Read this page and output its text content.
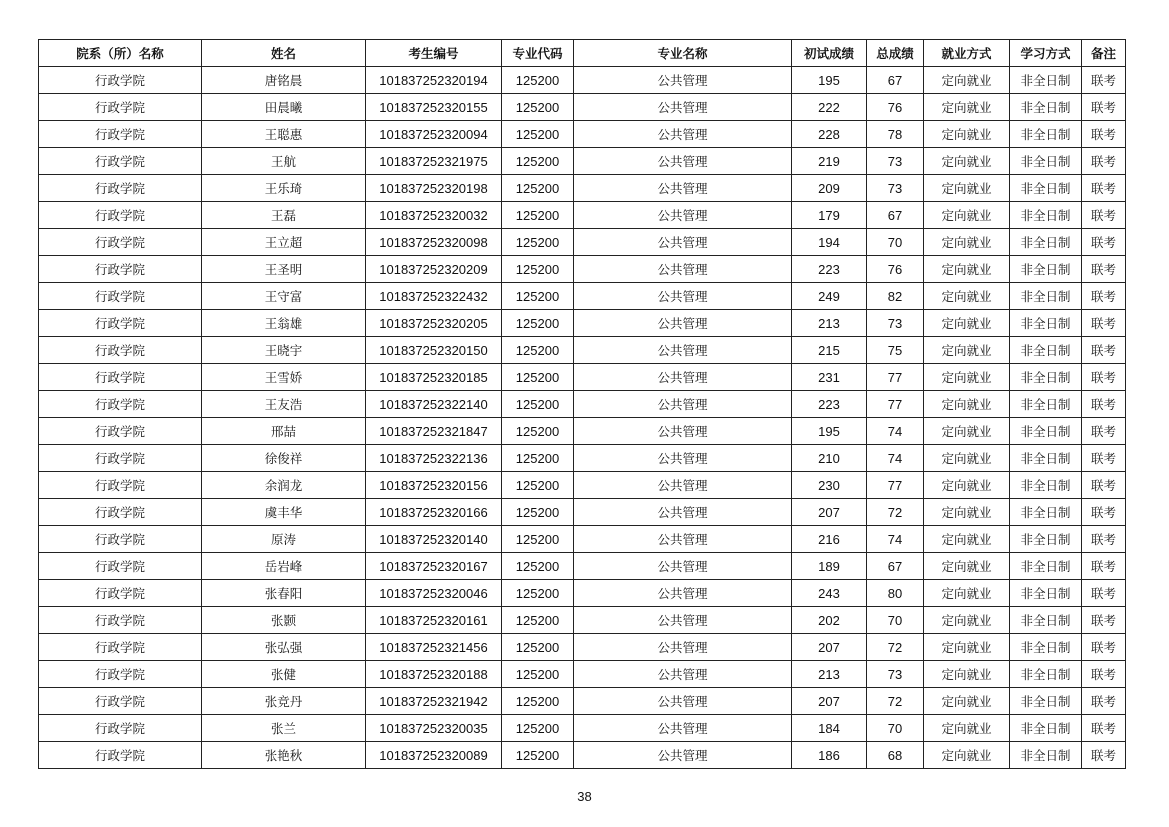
院系（所）名称	姓名	考生编号	专业代码	专业名称	初试成绩	总成绩	就业方式	学习方式	备注
行政学院	唐铭晨	101837252320194	125200	公共管理	195	67	定向就业	非全日制	联考
行政学院	田晨曦	101837252320155	125200	公共管理	222	76	定向就业	非全日制	联考
行政学院	王聪惠	101837252320094	125200	公共管理	228	78	定向就业	非全日制	联考
行政学院	王航	101837252321975	125200	公共管理	219	73	定向就业	非全日制	联考
行政学院	王乐琦	101837252320198	125200	公共管理	209	73	定向就业	非全日制	联考
行政学院	王磊	101837252320032	125200	公共管理	179	67	定向就业	非全日制	联考
行政学院	王立超	101837252320098	125200	公共管理	194	70	定向就业	非全日制	联考
行政学院	王圣明	101837252320209	125200	公共管理	223	76	定向就业	非全日制	联考
行政学院	王守富	101837252322432	125200	公共管理	249	82	定向就业	非全日制	联考
行政学院	王翁雄	101837252320205	125200	公共管理	213	73	定向就业	非全日制	联考
行政学院	王晓宇	101837252320150	125200	公共管理	215	75	定向就业	非全日制	联考
行政学院	王雪娇	101837252320185	125200	公共管理	231	77	定向就业	非全日制	联考
行政学院	王友浩	101837252322140	125200	公共管理	223	77	定向就业	非全日制	联考
行政学院	邢喆	101837252321847	125200	公共管理	195	74	定向就业	非全日制	联考
行政学院	徐俊祥	101837252322136	125200	公共管理	210	74	定向就业	非全日制	联考
行政学院	余润龙	101837252320156	125200	公共管理	230	77	定向就业	非全日制	联考
行政学院	虞丰华	101837252320166	125200	公共管理	207	72	定向就业	非全日制	联考
行政学院	原涛	101837252320140	125200	公共管理	216	74	定向就业	非全日制	联考
行政学院	岳岩峰	101837252320167	125200	公共管理	189	67	定向就业	非全日制	联考
行政学院	张春阳	101837252320046	125200	公共管理	243	80	定向就业	非全日制	联考
行政学院	张颢	101837252320161	125200	公共管理	202	70	定向就业	非全日制	联考
行政学院	张弘强	101837252321456	125200	公共管理	207	72	定向就业	非全日制	联考
行政学院	张健	101837252320188	125200	公共管理	213	73	定向就业	非全日制	联考
行政学院	张竞丹	101837252321942	125200	公共管理	207	72	定向就业	非全日制	联考
行政学院	张兰	101837252320035	125200	公共管理	184	70	定向就业	非全日制	联考
行政学院	张艳秋	101837252320089	125200	公共管理	186	68	定向就业	非全日制	联考
38
